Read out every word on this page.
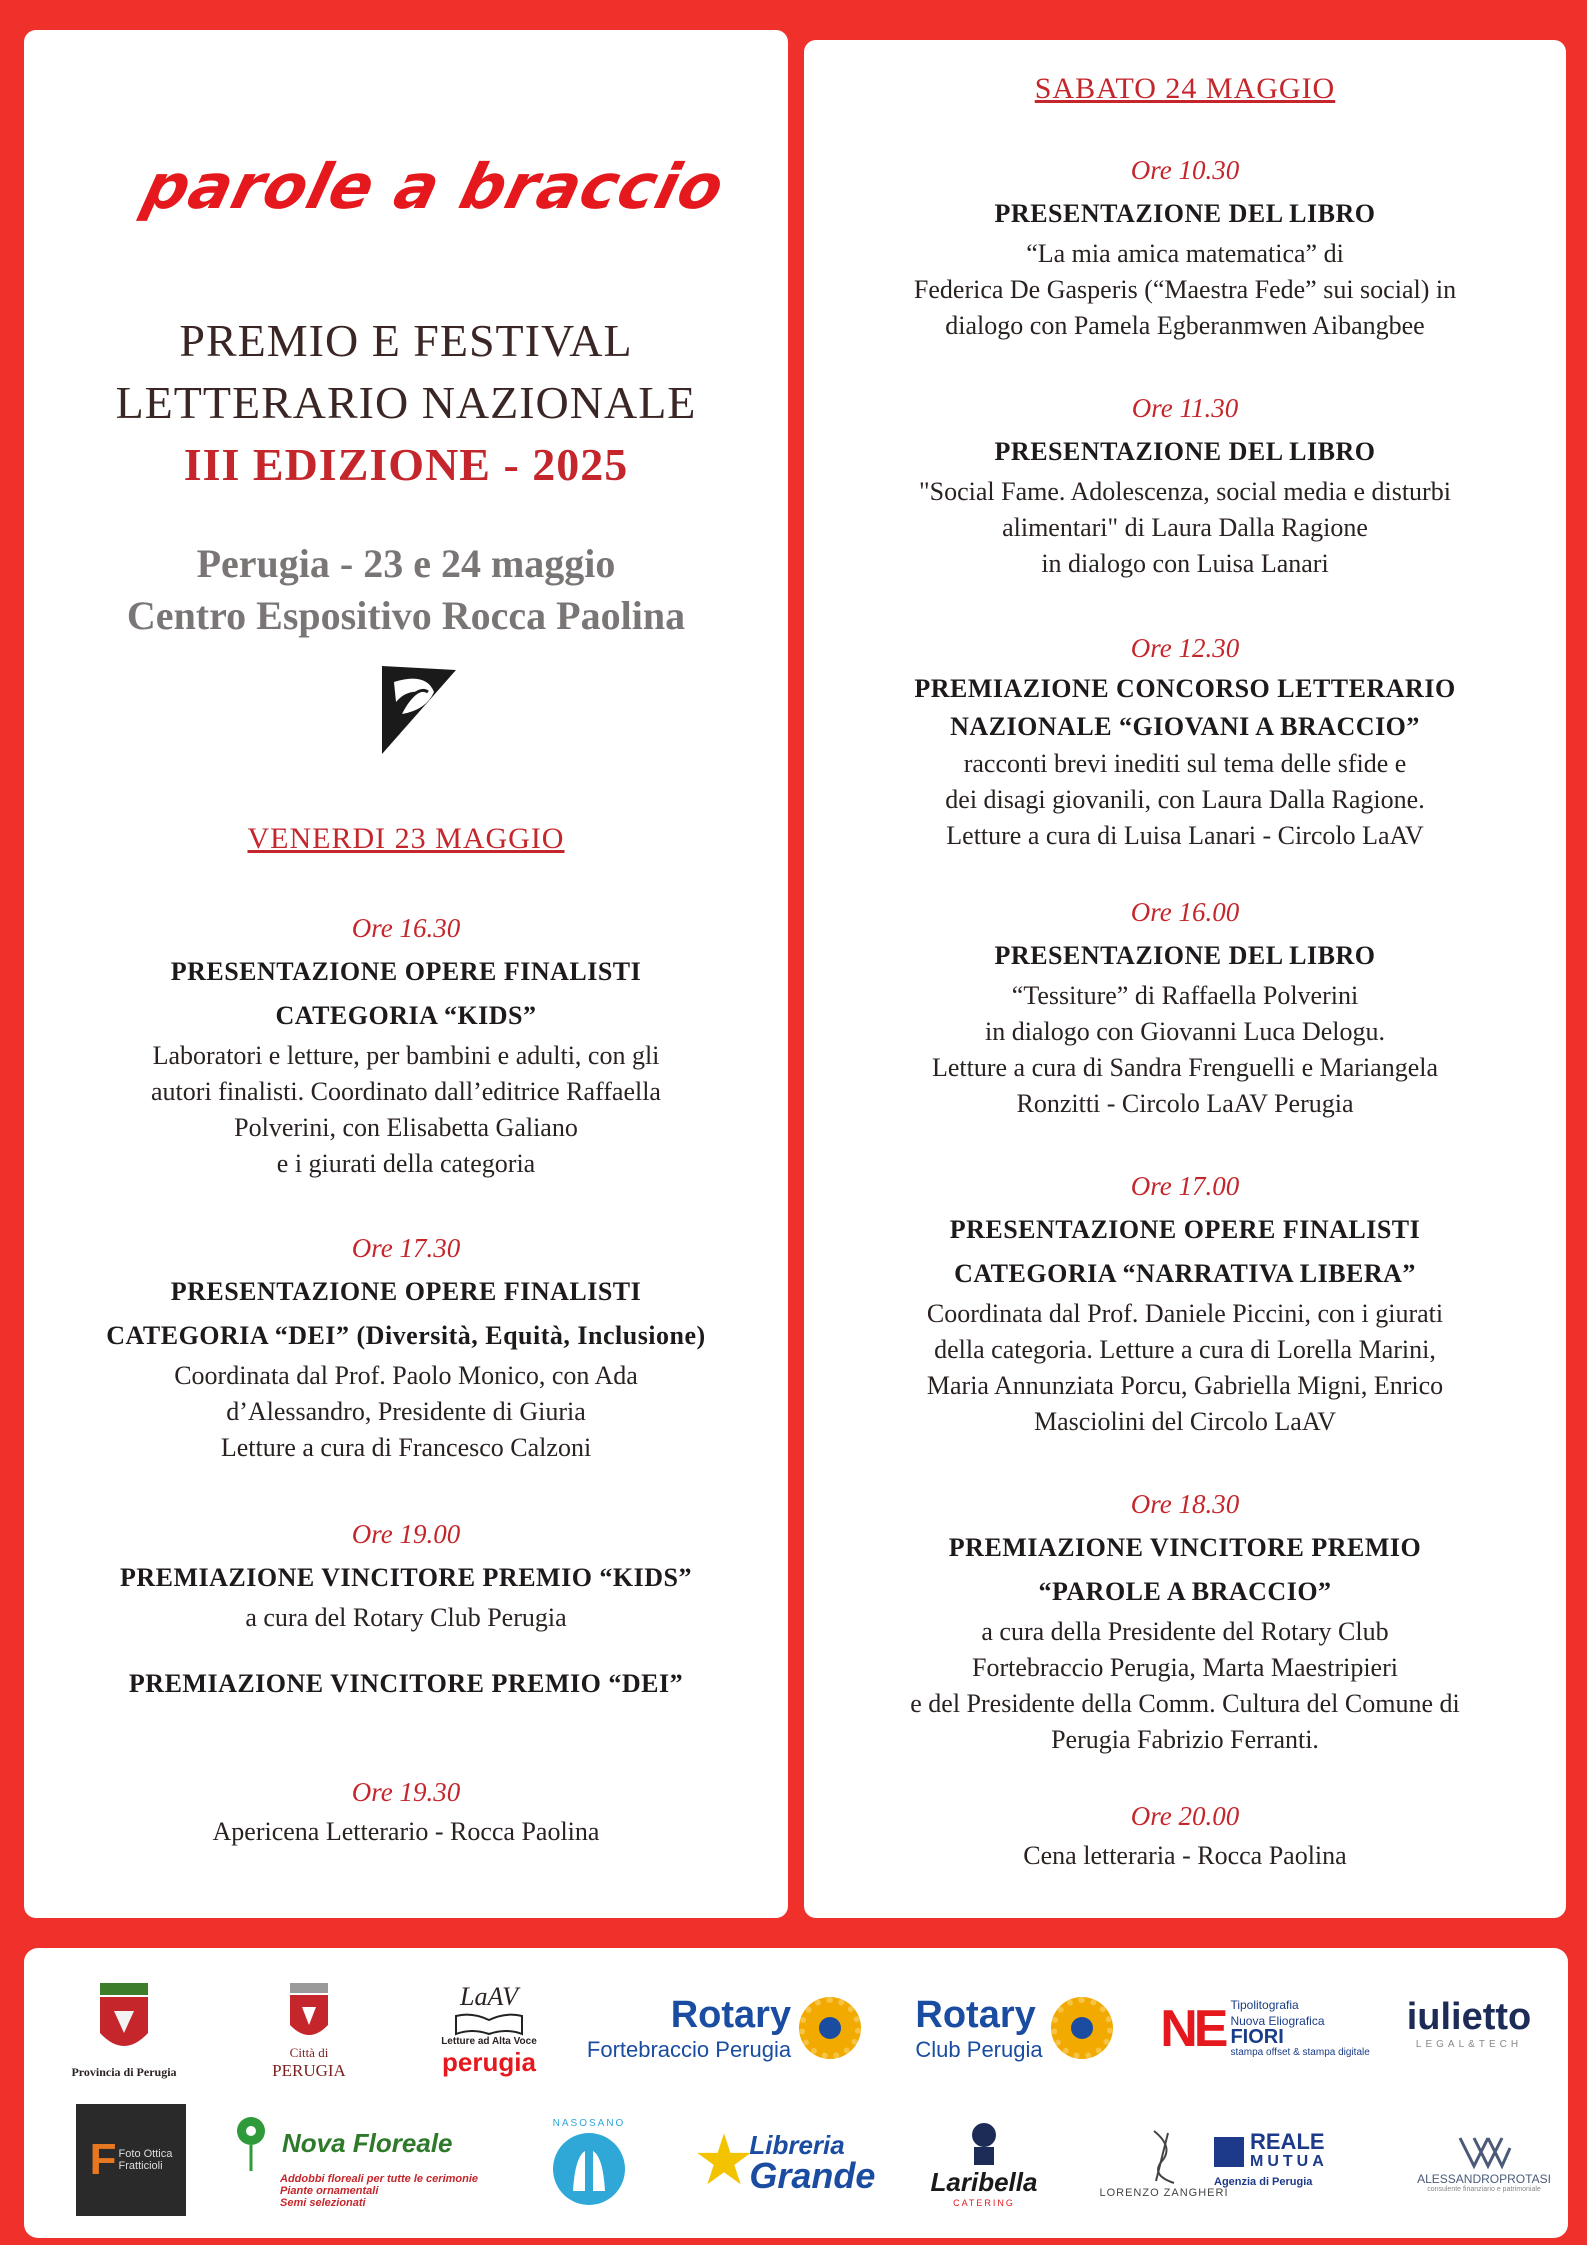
parole a braccio
PREMIO E FESTIVAL
LETTERARIO NAZIONALE
III EDIZIONE - 2025
Perugia - 23 e 24 maggio
Centro Espositivo Rocca Paolina
VENERDI 23 MAGGIO
Ore 16.30
PRESENTAZIONE OPERE FINALISTI
CATEGORIA “KIDS”
Laboratori e letture, per bambini e adulti, con gli
autori finalisti. Coordinato dall’editrice Raffaella
Polverini, con Elisabetta Galiano
e i giurati della categoria
Ore 17.30
PRESENTAZIONE OPERE FINALISTI
CATEGORIA “DEI” (Diversità, Equità, Inclusione)
Coordinata dal Prof. Paolo Monico, con Ada
d’Alessandro, Presidente di Giuria
Letture a cura di Francesco Calzoni
Ore 19.00
PREMIAZIONE VINCITORE PREMIO “KIDS”
a cura del Rotary Club Perugia
PREMIAZIONE VINCITORE PREMIO “DEI”
Ore 19.30
Apericena Letterario - Rocca Paolina
SABATO 24 MAGGIO
Ore 10.30
PRESENTAZIONE DEL LIBRO
“La mia amica matematica” di
Federica De Gasperis (“Maestra Fede” sui social) in
dialogo con Pamela Egberanmwen Aibangbee
Ore 11.30
PRESENTAZIONE DEL LIBRO
"Social Fame. Adolescenza, social media e disturbi
alimentari" di Laura Dalla Ragione
in dialogo con Luisa Lanari
Ore 12.30
PREMIAZIONE CONCORSO LETTERARIO
NAZIONALE “GIOVANI A BRACCIO”
racconti brevi inediti sul tema delle sfide e
dei disagi giovanili, con Laura Dalla Ragione.
Letture a cura di Luisa Lanari - Circolo LaAV
Ore 16.00
PRESENTAZIONE DEL LIBRO
“Tessiture” di Raffaella Polverini
in dialogo con Giovanni Luca Delogu.
Letture a cura di Sandra Frenguelli e Mariangela
Ronzitti - Circolo LaAV Perugia
Ore 17.00
PRESENTAZIONE OPERE FINALISTI
CATEGORIA “NARRATIVA LIBERA”
Coordinata dal Prof. Daniele Piccini, con i giurati
della categoria. Letture a cura di Lorella Marini,
Maria Annunziata Porcu, Gabriella Migni, Enrico
Masciolini del Circolo LaAV
Ore 18.30
PREMIAZIONE VINCITORE PREMIO
“PAROLE A BRACCIO”
a cura della Presidente del Rotary Club
Fortebraccio Perugia, Marta Maestripieri
e del Presidente della Comm. Cultura del Comune di
Perugia Fabrizio Ferranti.
Ore 20.00
Cena letteraria - Rocca Paolina
Provincia di Perugia
Città di
PERUGIA
LaAV
Letture ad Alta Voce
perugia
Rotary
Fortebraccio Perugia
Rotary
Club Perugia NE Tipolitografia
Nuova Eliografica
FIORI
stampa offset & stampa digitale
iulietto
LEGAL&TECH
F Foto Ottica
Fratticioli
Nova Floreale
Addobbi floreali per tutte le cerimonie
Piante ornamentali
Semi selezionati
NASOSANO ★
Libreria
Grande Laribella
CATERING
LORENZO ZANGHERI
REALE
MUTUA
Agenzia di Perugia	ALESSANDROPROTASI
consulente finanziario e patrimoniale
